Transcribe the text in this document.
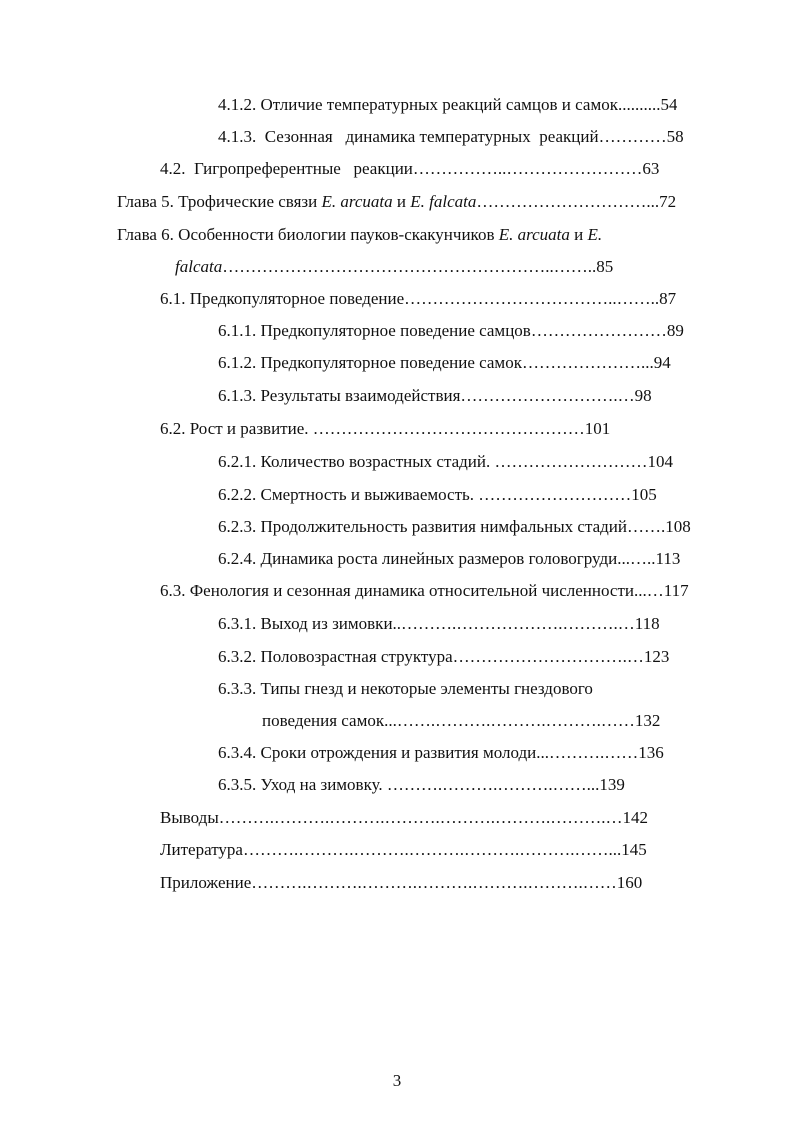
4.1.2. Отличие температурных реакций самцов и самок..........54
4.1.3.  Сезонная   динамика температурных  реакций…………58
4.2.  Гигропреферентные   реакции……………..……………………63
Глава 5. Трофические связи E. arcuata и E. falcata…………………………...72
Глава 6. Особенности биологии пауков-скакунчиков E. arcuata и E.
falcata…………………………………………………..……..85
6.1. Предкопуляторное поведение………………………………..……..87
6.1.1. Предкопуляторное поведение самцов……………………89
6.1.2. Предкопуляторное поведение самок…………………...94
6.1.3. Результаты взаимодействия……………………….…98
6.2. Рост и развитие. …………………………………………101
6.2.1. Количество возрастных стадий. ………………………104
6.2.2. Смертность и выживаемость. ………………………105
6.2.3. Продолжительность развития нимфальных стадий…….108
6.2.4. Динамика роста линейных размеров головогруди...…..113
6.3. Фенология и сезонная динамика относительной численности...…117
6.3.1. Выход из зимовки..……….……………….……….…118
6.3.2. Половозрастная структура………………………….…123
6.3.3. Типы гнезд и некоторые элементы гнездового
поведения самок...…….……….……….……….……132
6.3.4. Сроки отрождения и развития молоди...……….……136
6.3.5. Уход на зимовку. ……….……….……….……...139
Выводы……….……….……….……….……….……….……….…142
Литература……….……….……….……….……….……….……...145
Приложение……….……….……….……….……….……….……160
3
